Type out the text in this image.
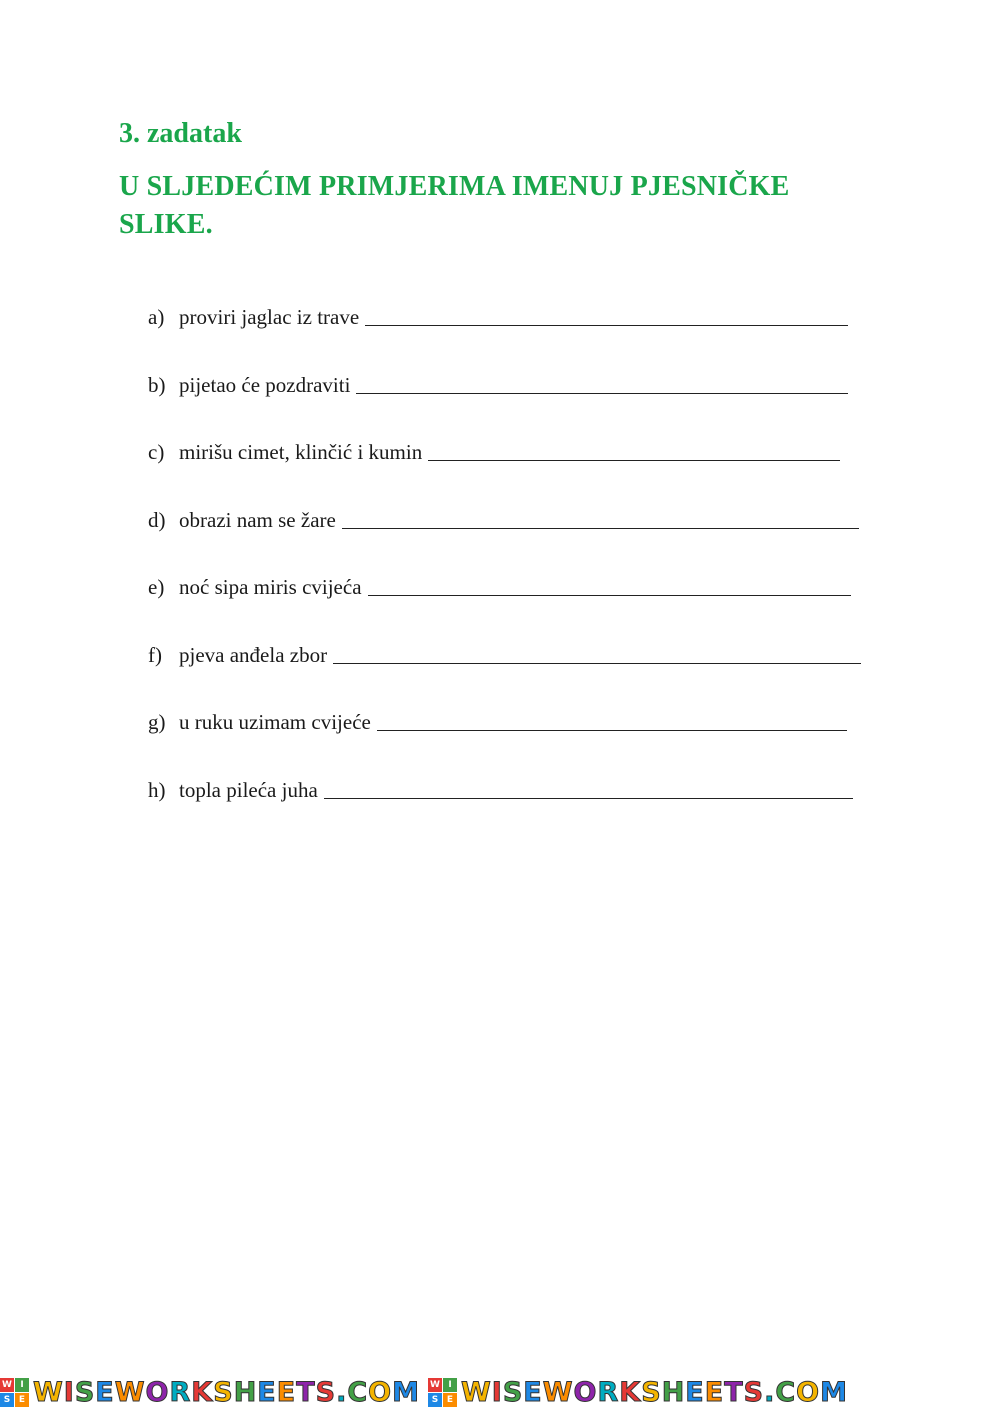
3. zadatak
U SLJEDEĆIM PRIMJERIMA IMENUJ PJESNIČKE SLIKE.
a) proviri jaglac iz trave
b) pijetao će pozdraviti
c) mirišu cimet, klinčić i kumin
d) obrazi nam se žare
e) noć sipa miris cvijeća
f) pjeva anđela zbor
g) u ruku uzimam cvijeće
h) topla pileća juha
W I
S E W I S E W O R K S H E E T S . C O M W I
S E W I S E W O R K S H E E T S . C O M
